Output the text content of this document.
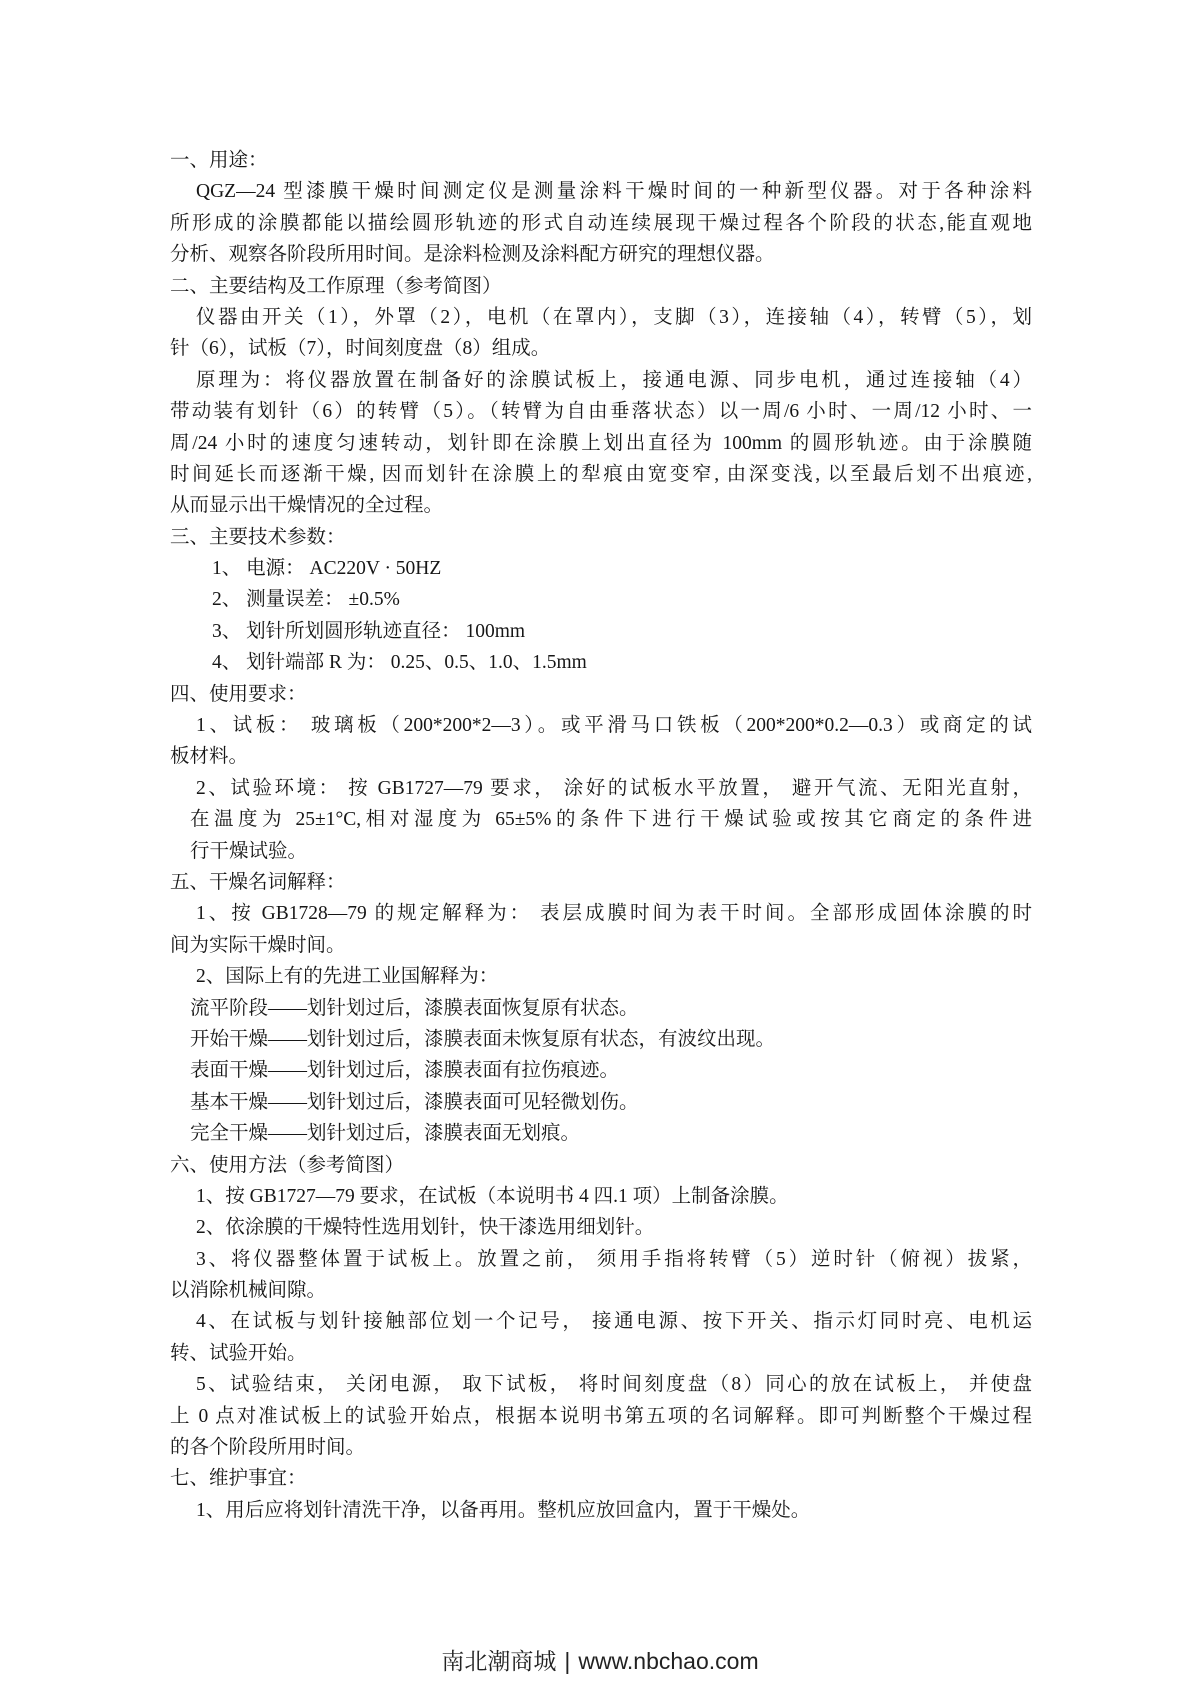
一、用途：
QGZ—24 型漆膜干燥时间测定仪是测量涂料干燥时间的一种新型仪器。对于各种涂料
所形成的涂膜都能以描绘圆形轨迹的形式自动连续展现干燥过程各个阶段的状态,能直观地
分析、观察各阶段所用时间。是涂料检测及涂料配方研究的理想仪器。
二、主要结构及工作原理（参考简图）
仪器由开关（1），外罩（2），电机（在罩内），支脚（3），连接轴（4），转臂（5），划
针（6），试板（7），时间刻度盘（8）组成。
原理为：将仪器放置在制备好的涂膜试板上，接通电源、同步电机，通过连接轴（4）
带动装有划针（6）的转臂（5）。（转臂为自由垂落状态）以一周/6 小时、一周/12 小时、一
周/24 小时的速度匀速转动，划针即在涂膜上划出直径为 100mm 的圆形轨迹。由于涂膜随
时间延长而逐渐干燥, 因而划针在涂膜上的犁痕由宽变窄, 由深变浅, 以至最后划不出痕迹,
从而显示出干燥情况的全过程。
三、主要技术参数：
1、 电源： AC220V · 50HZ
2、 测量误差： ±0.5%
3、 划针所划圆形轨迹直径： 100mm
4、 划针端部 R 为： 0.25、0.5、1.0、1.5mm
四、使用要求：
1、试板： 玻璃板（200*200*2—3）。或平滑马口铁板（200*200*0.2—0.3）或商定的试
板材料。
2、试验环境： 按 GB1727—79 要求， 涂好的试板水平放置， 避开气流、无阳光直射，
在温度为 25±1°C,相对湿度为 65±5%的条件下进行干燥试验或按其它商定的条件进
行干燥试验。
五、干燥名词解释：
1、按 GB1728—79 的规定解释为： 表层成膜时间为表干时间。全部形成固体涂膜的时
间为实际干燥时间。
2、国际上有的先进工业国解释为：
流平阶段——划针划过后，漆膜表面恢复原有状态。
开始干燥——划针划过后，漆膜表面未恢复原有状态，有波纹出现。
表面干燥——划针划过后，漆膜表面有拉伤痕迹。
基本干燥——划针划过后，漆膜表面可见轻微划伤。
完全干燥——划针划过后，漆膜表面无划痕。
六、使用方法（参考简图）
1、按 GB1727—79 要求，在试板（本说明书 4 四.1 项）上制备涂膜。
2、依涂膜的干燥特性选用划针，快干漆选用细划针。
3、将仪器整体置于试板上。放置之前， 须用手指将转臂（5）逆时针（俯视）拔紧，
以消除机械间隙。
4、在试板与划针接触部位划一个记号， 接通电源、按下开关、指示灯同时亮、电机运
转、试验开始。
5、试验结束， 关闭电源， 取下试板， 将时间刻度盘（8）同心的放在试板上， 并使盘
上 0 点对准试板上的试验开始点，根据本说明书第五项的名词解释。即可判断整个干燥过程
的各个阶段所用时间。
七、维护事宜：
1、用后应将划针清洗干净，以备再用。整机应放回盒内，置于干燥处。
南北潮商城 | www.nbchao.com
